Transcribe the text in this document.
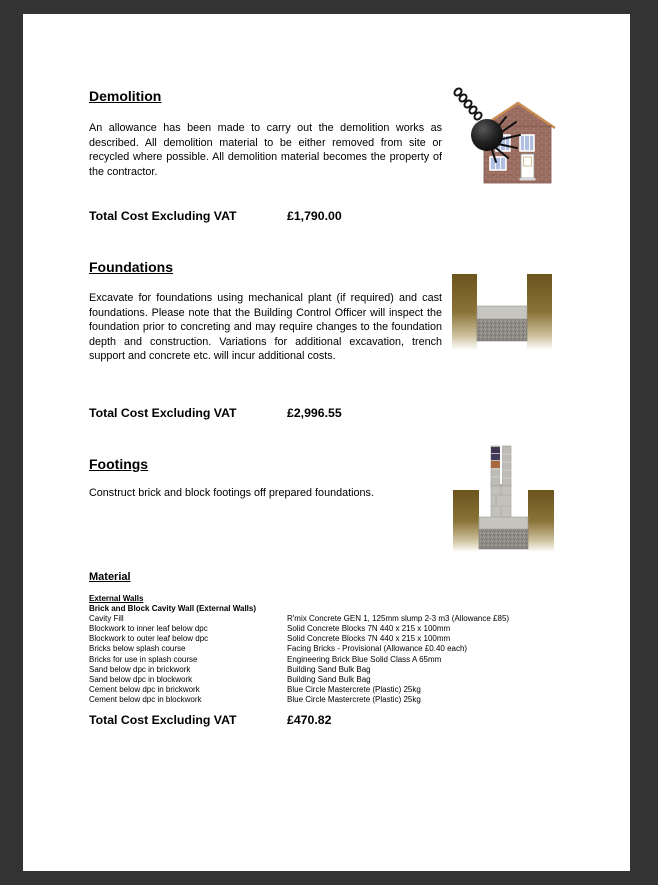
Demolition

An allowance has been made to carry out the demolition works as described. All demolition material to be either removed from site or recycled where possible. All demolition material becomes the property of the contractor.

Total Cost Excluding VAT	£1,790.00
Foundations

Excavate for foundations using mechanical plant (if required) and cast foundations. Please note that the Building Control Officer will inspect the foundation prior to concreting and may require changes to the foundation depth and construction. Variations for additional excavation, trench support and concrete etc. will incur additional costs.

Total Cost Excluding VAT	£2,996.55
Footings

Construct brick and block footings off prepared foundations.

Material
External Walls
Brick and Block Cavity Wall (External Walls)
Cavity Fill	R'mix Concrete GEN 1, 125mm slump 2-3 m3 (Allowance £85)
Blockwork to inner leaf below dpc	Solid Concrete Blocks 7N 440 x 215 x 100mm
Blockwork to outer leaf below dpc	Solid Concrete Blocks 7N 440 x 215 x 100mm
Bricks below splash course	Facing Bricks - Provisional (Allowance £0.40 each)
Bricks for use in splash course	Engineering Brick Blue Solid Class A 65mm
Sand below dpc in brickwork	Building Sand Bulk Bag
Sand below dpc in blockwork	Building Sand Bulk Bag
Cement below dpc in brickwork	Blue Circle Mastercrete (Plastic) 25kg
Cement below dpc in blockwork	Blue Circle Mastercrete (Plastic) 25kg
Total Cost Excluding VAT	£470.82
